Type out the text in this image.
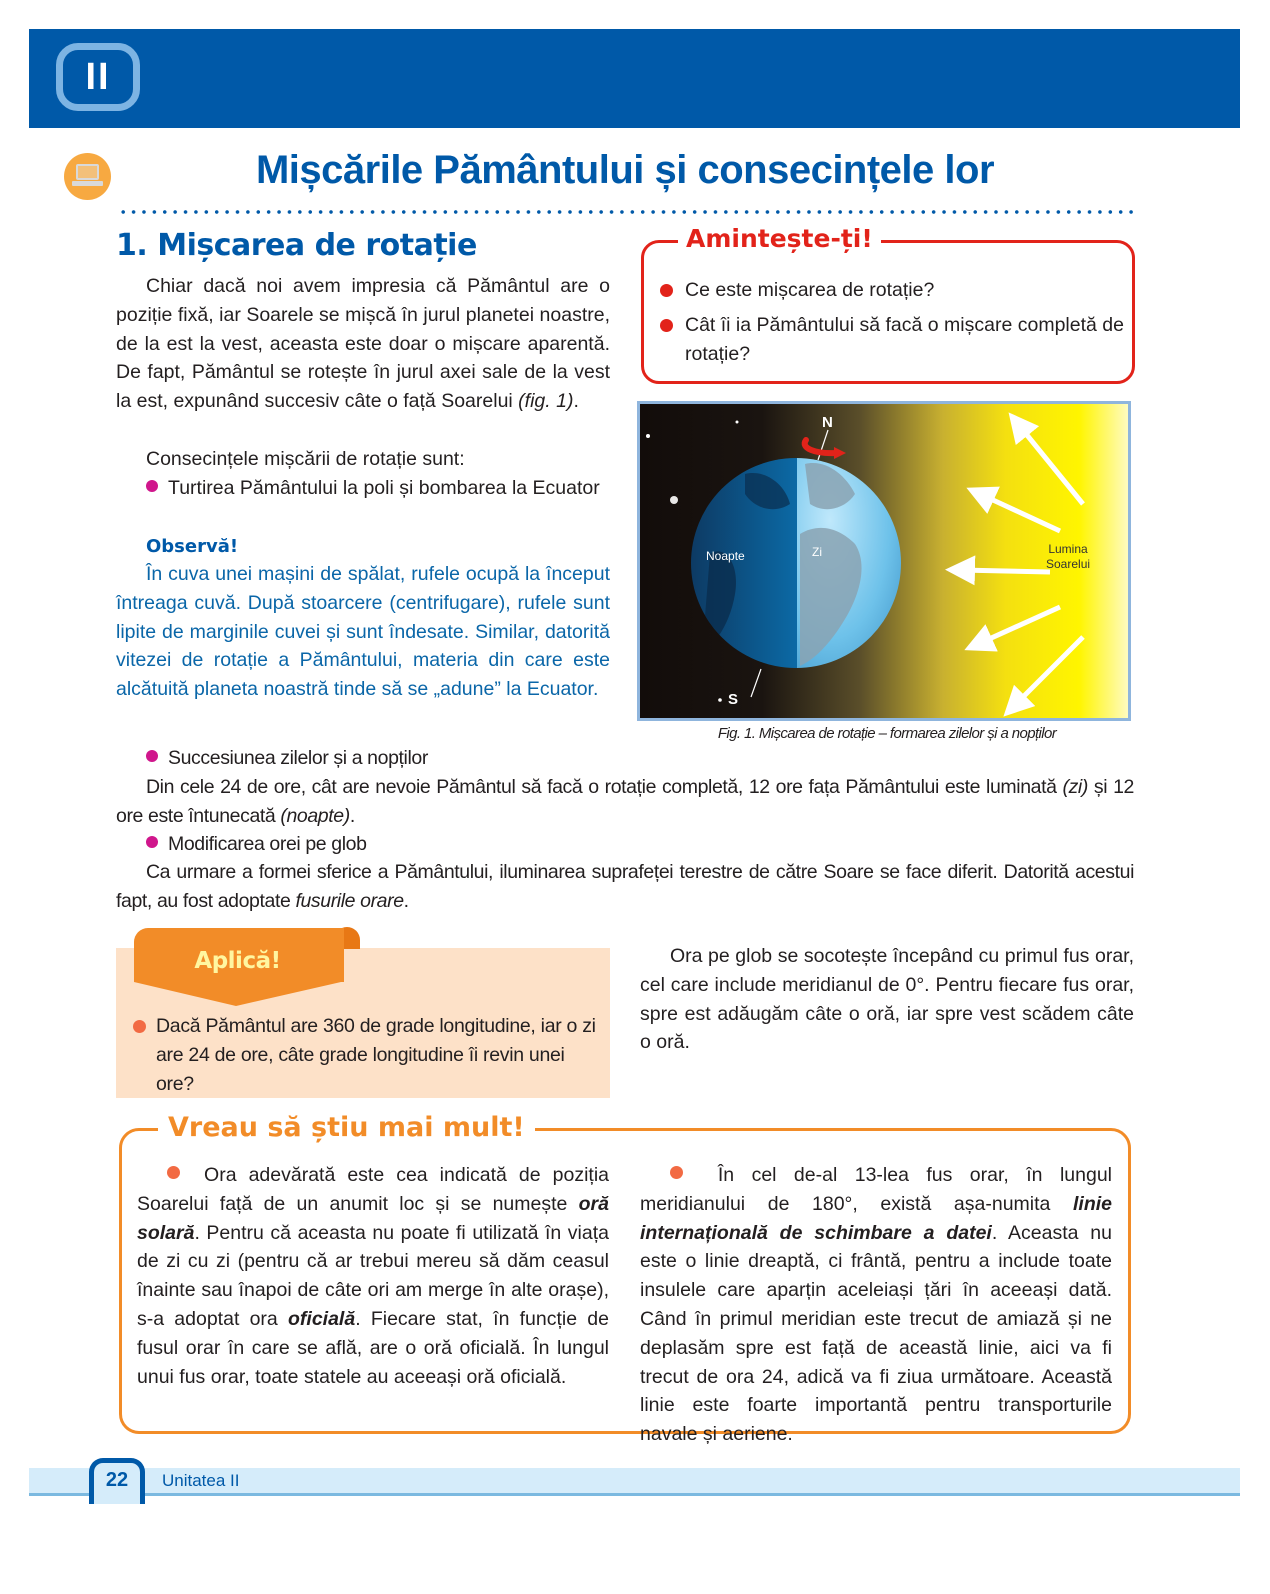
II
Mișcările Pământului și consecințele lor
1. Mișcarea de rotație

Chiar dacă noi avem impresia că Pământul are o poziție fixă, iar Soarele se mișcă în jurul planetei noastre, de la est la vest, aceasta este doar o mișcare aparentă. De fapt, Pământul se rotește în jurul axei sale de la vest la est, expunând succesiv câte o față Soarelui (fig. 1).

Consecințele mișcării de rotație sunt:

Turtirea Pământului la poli și bombarea la Ecuator

Observă!

În cuva unei mașini de spălat, rufele ocupă la început întreaga cuvă. După stoarcere (centrifugare), rufele sunt lipite de marginile cuvei și sunt îndesate. Similar, datorită vitezei de rotație a Pământului, materia din care este alcătuită planeta noastră tinde să se „adune” la Ecuator.

Amintește-ți!
Ce este mișcarea de rotație?
Cât îi ia Pământului să facă o mișcare completă de rotație?
N
S
Noapte	Zi	Lumina
Soarelui
Fig. 1. Mișcarea de rotație – formarea zilelor și a nopților

Succesiunea zilelor și a nopților

Din cele 24 de ore, cât are nevoie Pământul să facă o rotație completă, 12 ore fața Pământului este luminată (zi) și 12 ore este întunecată (noapte).

Modificarea orei pe glob

Ca urmare a formei sferice a Pământului, iluminarea suprafeței terestre de către Soare se face diferit. Datorită acestui fapt, au fost adoptate fusurile orare.

Aplică!
Dacă Pământul are 360 de grade longitudine, iar o zi are 24 de ore, câte grade longitudine îi revin unei ore?

Ora pe glob se socotește începând cu primul fus orar, cel care include meridianul de 0°. Pentru fiecare fus orar, spre est adăugăm câte o oră, iar spre vest scădem câte o oră.

Vreau să știu mai mult!

Ora adevărată este cea indicată de poziția Soarelui față de un anumit loc și se numește oră solară. Pentru că aceasta nu poate fi utilizată în viața de zi cu zi (pentru că ar trebui mereu să dăm ceasul înainte sau înapoi de câte ori am merge în alte orașe), s-a adoptat ora oficială. Fiecare stat, în funcție de fusul orar în care se află, are o oră oficială. În lungul unui fus orar, toate statele au aceeași oră oficială.

În cel de-al 13-lea fus orar, în lungul meridianului de 180°, există așa-numita linie internațională de schimbare a datei. Aceasta nu este o linie dreaptă, ci frântă, pentru a include toate insulele care aparțin aceleiași țări în aceeași dată. Când în primul meridian este trecut de amiază și ne deplasăm spre est față de această linie, aici va fi trecut de ora 24, adică va fi ziua următoare. Această linie este foarte importantă pentru transporturile navale și aeriene.

22	Unitatea II
